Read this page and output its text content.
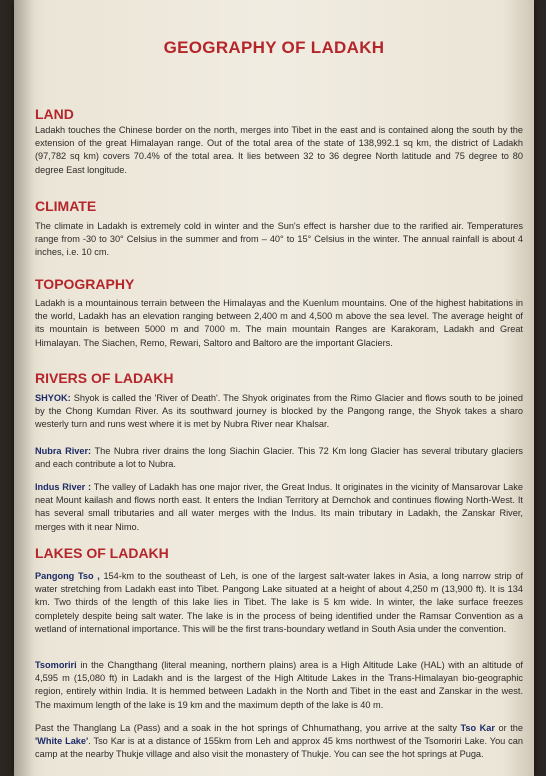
GEOGRAPHY OF LADAKH
LAND
Ladakh touches the Chinese border on the north, merges into Tibet in the east and is contained along the south by the extension of the great Himalayan range. Out of the total area of the state of 138,992.1 sq km, the district of Ladakh (97,782 sq km) covers 70.4% of the total area. It lies between 32 to 36 degree North latitude and 75 degree to 80 degree East longitude.
CLIMATE
The climate in Ladakh is extremely cold in winter and the Sun's effect is harsher due to the rarified air. Temperatures range from -30 to 30° Celsius in the summer and from – 40° to 15° Celsius in the winter. The annual rainfall is about 4 inches, i.e. 10 cm.
TOPOGRAPHY
Ladakh is a mountainous terrain between the Himalayas and the Kuenlum mountains. One of the highest habitations in the world, Ladakh has an elevation ranging between 2,400 m and 4,500 m above the sea level. The average height of its mountain is between 5000 m and 7000 m. The main mountain Ranges are Karakoram, Ladakh and Great Himalayan. The Siachen, Remo, Rewari, Saltoro and Baltoro are the important Glaciers.
RIVERS OF LADAKH
SHYOK: Shyok is called the 'River of Death'. The Shyok originates from the Rimo Glacier and flows south to be joined by the Chong Kumdan River. As its southward journey is blocked by the Pangong range, the Shyok takes a sharo westerly turn and runs west where it is met by Nubra River near Khalsar.
Nubra River: The Nubra river drains the long Siachin Glacier. This 72 Km long Glacier has several tributary glaciers and each contribute a lot to Nubra.
Indus River : The valley of Ladakh has one major river, the Great Indus. It originates in the vicinity of Mansarovar Lake neat Mount kailash and flows north east. It enters the Indian Territory at Demchok and continues flowing North-West. It has several small tributaries and all water merges with the Indus. Its main tributary in Ladakh, the Zanskar River, merges with it near Nimo.
LAKES OF LADAKH
Pangong Tso , 154-km to the southeast of Leh, is one of the largest salt-water lakes in Asia, a long narrow strip of water stretching from Ladakh east into Tibet. Pangong Lake situated at a height of about 4,250 m (13,900 ft). It is 134 km. Two thirds of the length of this lake lies in Tibet. The lake is 5 km wide. In winter, the lake surface freezes completely despite being salt water. The lake is in the process of being identified under the Ramsar Convention as a wetland of international importance. This will be the first trans-boundary wetland in South Asia under the convention.
Tsomoriri in the Changthang (literal meaning, northern plains) area is a High Altitude Lake (HAL) with an altitude of 4,595 m (15,080 ft) in Ladakh and is the largest of the High Altitude Lakes in the Trans-Himalayan bio-geographic region, entirely within India. It is hemmed between Ladakh in the North and Tibet in the east and Zanskar in the west. The maximum length of the lake is 19 km and the maximum depth of the lake is 40 m.
Past the Thanglang La (Pass) and a soak in the hot springs of Chhumathang, you arrive at the salty Tso Kar or the 'White Lake'. Tso Kar is at a distance of 155km from Leh and approx 45 kms northwest of the Tsomoriri Lake. You can camp at the nearby Thukje village and also visit the monastery of Thukje. You can see the hot springs at Puga.
